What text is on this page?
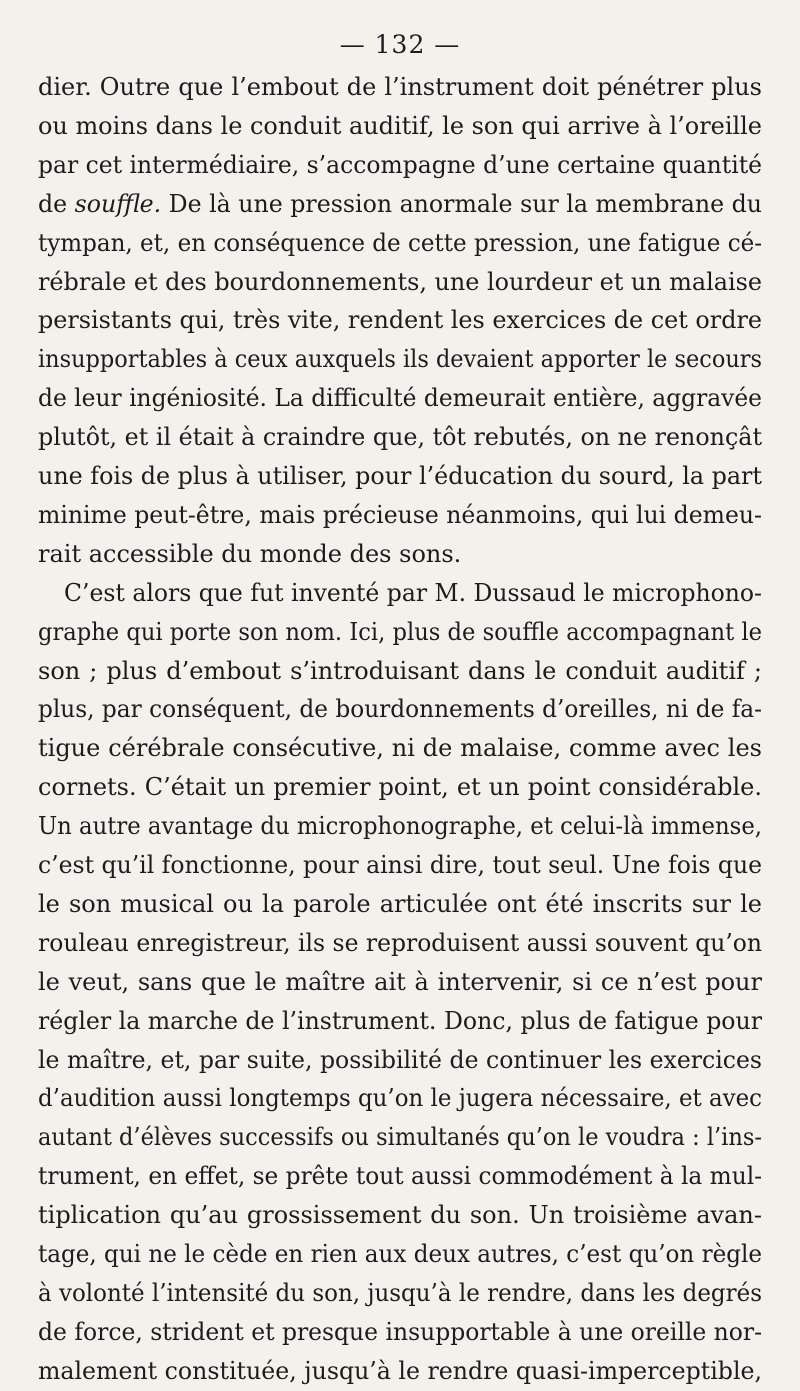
— 132 —
dier. Outre que l’embout de l’instrument doit pénétrer plus
ou moins dans le conduit auditif, le son qui arrive à l’oreille
par cet intermédiaire, s’accompagne d’une certaine quantité
de souffle. De là une pression anormale sur la membrane du
tympan, et, en conséquence de cette pression, une fatigue cé-
rébrale et des bourdonnements, une lourdeur et un malaise
persistants qui, très vite, rendent les exercices de cet ordre
insupportables à ceux auxquels ils devaient apporter le secours
de leur ingéniosité. La difficulté demeurait entière, aggravée
plutôt, et il était à craindre que, tôt rebutés, on ne renonçât
une fois de plus à utiliser, pour l’éducation du sourd, la part
minime peut-être, mais précieuse néanmoins, qui lui demeu-
rait accessible du monde des sons.
C’est alors que fut inventé par M. Dussaud le microphono-
graphe qui porte son nom. Ici, plus de souffle accompagnant le
son ; plus d’embout s’introduisant dans le conduit auditif ;
plus, par conséquent, de bourdonnements d’oreilles, ni de fa-
tigue cérébrale consécutive, ni de malaise, comme avec les
cornets. C’était un premier point, et un point considérable.
Un autre avantage du microphonographe, et celui-là immense,
c’est qu’il fonctionne, pour ainsi dire, tout seul. Une fois que
le son musical ou la parole articulée ont été inscrits sur le
rouleau enregistreur, ils se reproduisent aussi souvent qu’on
le veut, sans que le maître ait à intervenir, si ce n’est pour
régler la marche de l’instrument. Donc, plus de fatigue pour
le maître, et, par suite, possibilité de continuer les exercices
d’audition aussi longtemps qu’on le jugera nécessaire, et avec
autant d’élèves successifs ou simultanés qu’on le voudra : l’ins-
trument, en effet, se prête tout aussi commodément à la mul-
tiplication qu’au grossissement du son. Un troisième avan-
tage, qui ne le cède en rien aux deux autres, c’est qu’on règle
à volonté l’intensité du son, jusqu’à le rendre, dans les degrés
de force, strident et presque insupportable à une oreille nor-
malement constituée, jusqu’à le rendre quasi-imperceptible,
